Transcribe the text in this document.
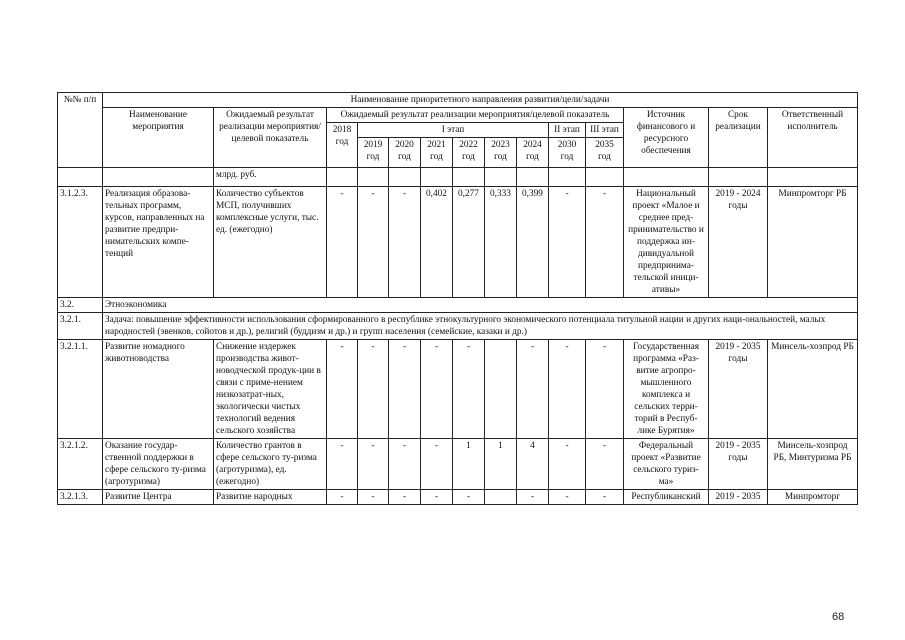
№№ п/п	Наименование приоритетного направления развития/цели/задачи													
	Наименование мероприятия	Ожидаемый результат реализации мероприятия/целевой показатель	Ожидаемый результат реализации мероприятия/целевой показатель									Источник финансового и ресурсного обеспечения	Срок реализации	Ответственный исполнитель
			2018 год	I этап						II этап	III этап			
				2019 год	2020 год	2021 год	2022 год	2023 год	2024 год	2030 год	2035 год			
		млрд. руб.												
3.1.2.3.	Реализация образова-тельных программ, курсов, направленных на развитие предпри-нимательских компе-тенций	Количество субъектов МСП, получивших комплексные услуги, тыс. ед. (ежегодно)	-	-	-	0,402	0,277	0,333	0,399	-	-	Национальный проект «Малое и среднее пред-принимательство и поддержка ин-дивидуальной предпринима-тельской иници-ативы»	2019 - 2024 годы	Минпромторг РБ
3.2.	Этноэкономика													
3.2.1.	Задача: повышение эффективности использования сформированного в республике этнокультурного экономического потенциала титульной нации и других наци-ональностей, малых народностей (эвенков, сойотов и др.), религий (буддизм и др.) и групп населения (семейские, казаки и др.)													
3.2.1.1.	Развитие номадного животноводства	Снижение издержек производства живот-новодческой продук-ции в связи с приме-нением низкозатрат-ных, экологически чистых технологий ведения сельского хозяйства	-	-	-	-	-		-	-	-	Государственная программа «Раз-витие агропро-мышленного комплекса и сельских терри-торий в Респуб-лике Бурятия»	2019 - 2035 годы	Минсель-хозпрод РБ
3.2.1.2.	Оказание государ-ственной поддержки в сфере сельского ту-ризма (агротуризма)	Количество грантов в сфере сельского ту-ризма (агротуризма), ед. (ежегодно)	-	-	-	-	1	1	4	-	-	Федеральный проект «Развитие сельского туриз-ма»	2019 - 2035 годы	Минсель-хозпрод РБ, Минтуризма РБ
3.2.1.3.	Развитие Центра	Развитие народных	-	-	-	-	-		-	-	-	Республиканский	2019 - 2035	Минпромторг
68
